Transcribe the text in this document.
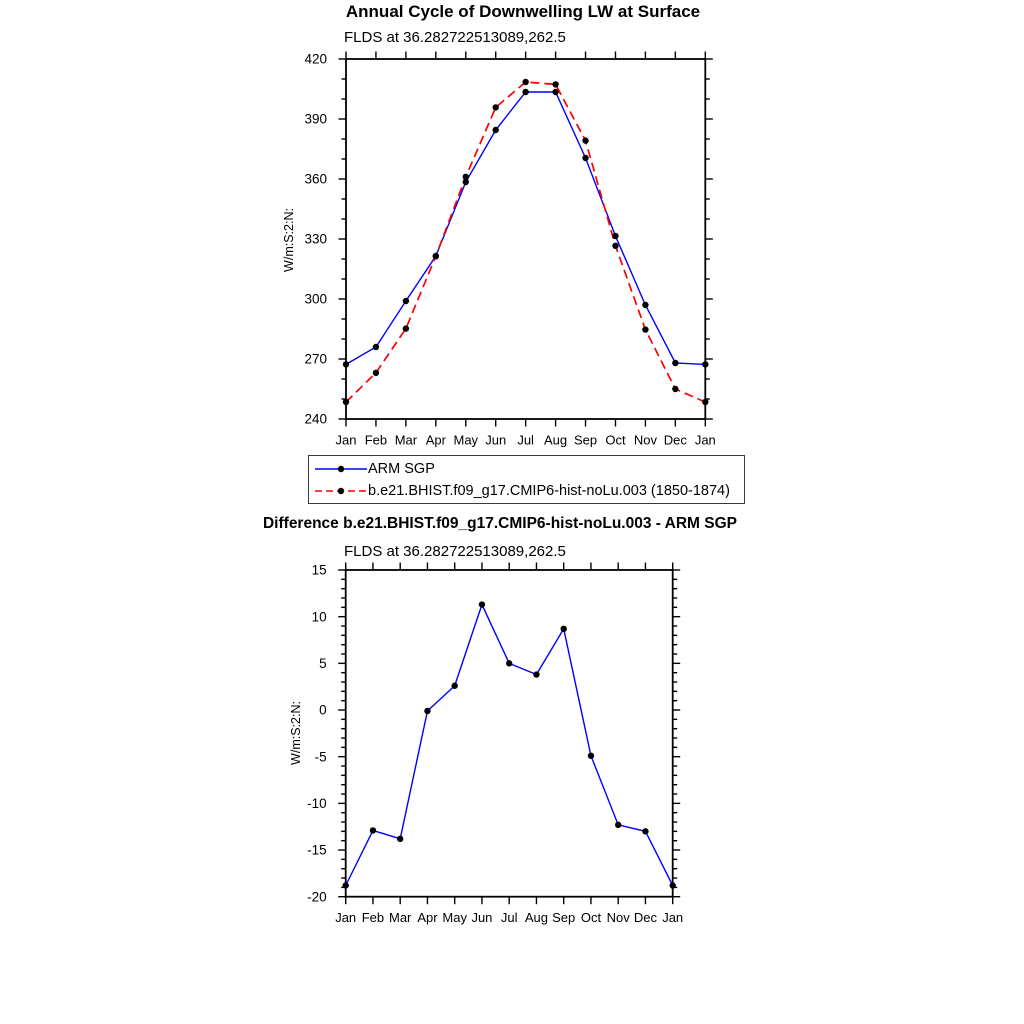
240
270
300
330
360
390
420
Jan Feb Mar Apr May Jun Jul Aug Sep Oct Nov Dec Jan
-20
-15
-10
-5
0
5
10
15
Jan Feb Mar Apr May Jun Jul Aug Sep Oct Nov Dec Jan
Annual Cycle of Downwelling LW at Surface
FLDS at 36.282722513089,262.5
W/m:S:2:N:
ARM SGP
b.e21.BHIST.f09_g17.CMIP6-hist-noLu.003 (1850-1874)
Difference b.e21.BHIST.f09_g17.CMIP6-hist-noLu.003 - ARM SGP
FLDS at 36.282722513089,262.5
W/m:S:2:N:
